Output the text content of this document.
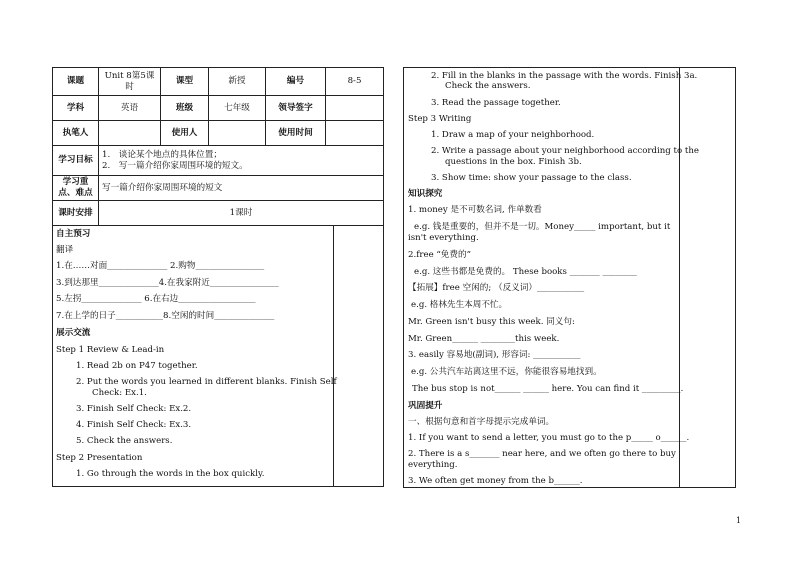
课题	Unit 8第5课时	课型	新授	编号	8-5
学科	英语	班级	七年级	领导签字	
执笔人		使用人		使用时间	
学习目标	1.　谈论某个地点的具体位置；
2.　写一篇介绍你家周围环境的短文。				

学习重点、难点	写一篇介绍你家周围环境的短文				
课时安排	1课时				
自主预习
翻译
1.在……对面______________ 2.购物________________
3.到达那里______________4.在我家附近________________
5.左拐______________ 6.在右边__________________
7.在上学的日子___________8.空闲的时间______________
展示交流
Step 1 Review & Lead-in
1. Read 2b on P47 together.
2. Put the words you learned in different blanks. Finish Self
Check: Ex.1.
3. Finish Self Check: Ex.2.
4. Finish Self Check: Ex.3.
5. Check the answers.
Step 2 Presentation
1. Go through the words in the box quickly.
2. Fill in the blanks in the passage with the words. Finish 3a.
Check the answers.
3. Read the passage together.
Step 3 Writing
1. Draw a map of your neighborhood.
2. Write a passage about your neighborhood according to the
questions in the box. Finish 3b.
3. Show time: show your passage to the class.
知识探究
1. money 是不可数名词, 作单数看
e.g. 钱是重要的，但并不是一切。Money_____ important, but it
isn't everything.
2.free “免费的”
e.g. 这些书都是免费的。 These books _______ ________
【拓展】free 空闲的; （反义词）___________
e.g. 格林先生本周不忙。
Mr. Green isn't busy this week. 同义句:
Mr. Green______ ________this week.
3. easily 容易地(副词), 形容词: ___________
e.g. 公共汽车站离这里不远，你能很容易地找到。
The bus stop is not______ ______ here. You can find it _________.
巩固提升
一、根据句意和首字母提示完成单词。
1. If you want to send a letter, you must go to the p_____ o______.
2. There is a s_______ near here, and we often go there to buy
everything.
3. We often get money from the b______.
1
